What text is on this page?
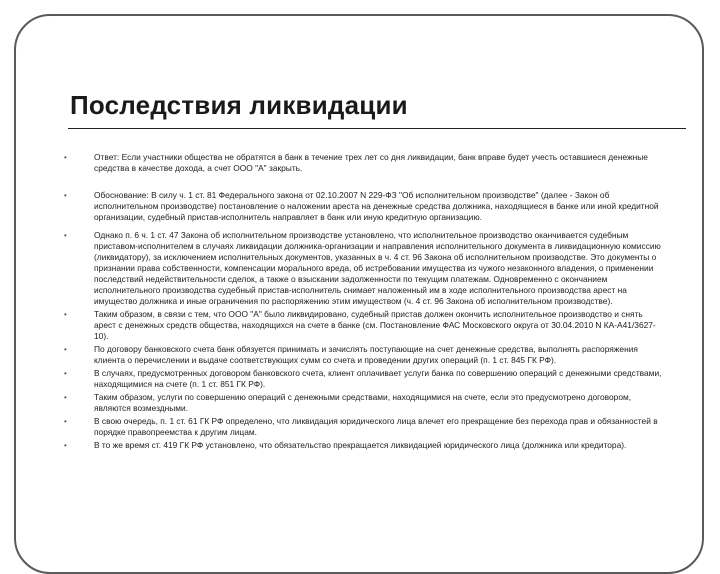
Последствия ликвидации
•	Ответ: Если участники общества не обратятся в банк в течение трех лет со дня ликвидации, банк вправе будет учесть оставшиеся денежные средства в качестве дохода, а счет ООО "А" закрыть.
•	Обоснование: В силу ч. 1 ст. 81 Федерального закона от 02.10.2007 N 229-ФЗ "Об исполнительном производстве" (далее - Закон об исполнительном производстве) постановление о наложении ареста на денежные средства должника, находящиеся в банке или иной кредитной организации, судебный пристав-исполнитель направляет в банк или иную кредитную организацию.
•	Однако п. 6 ч. 1 ст. 47 Закона об исполнительном производстве установлено, что исполнительное производство оканчивается судебным приставом-исполнителем в случаях ликвидации должника-организации и направления исполнительного документа в ликвидационную комиссию (ликвидатору), за исключением исполнительных документов, указанных в ч. 4 ст. 96 Закона об исполнительном производстве. Это документы о признании права собственности, компенсации морального вреда, об истребовании имущества из чужого незаконного владения, о применении последствий недействительности сделок, а также о взыскании задолженности по текущим платежам. Одновременно с окончанием исполнительного производства судебный пристав-исполнитель снимает наложенный им в ходе исполнительного производства арест на имущество должника и иные ограничения по распоряжению этим имуществом (ч. 4 ст. 96 Закона об исполнительном производстве).
•	Таким образом, в связи с тем, что ООО "А" было ликвидировано, судебный пристав должен окончить исполнительное производство и снять арест с денежных средств общества, находящихся на счете в банке (см. Постановление ФАС Московского округа от 30.04.2010 N КА-А41/3627-10).
•	По договору банковского счета банк обязуется принимать и зачислять поступающие на счет денежные средства, выполнять распоряжения клиента о перечислении и выдаче соответствующих сумм со счета и проведении других операций (п. 1 ст. 845 ГК РФ).
•	В случаях, предусмотренных договором банковского счета, клиент оплачивает услуги банка по совершению операций с денежными средствами, находящимися на счете (п. 1 ст. 851 ГК РФ).
•	Таким образом, услуги по совершению операций с денежными средствами, находящимися на счете, если это предусмотрено договором, являются возмездными.
•	В свою очередь, п. 1 ст. 61 ГК РФ определено, что ликвидация юридического лица влечет его прекращение без перехода прав и обязанностей в порядке правопреемства к другим лицам.
•	В то же время ст. 419 ГК РФ установлено, что обязательство прекращается ликвидацией юридического лица (должника или кредитора).
